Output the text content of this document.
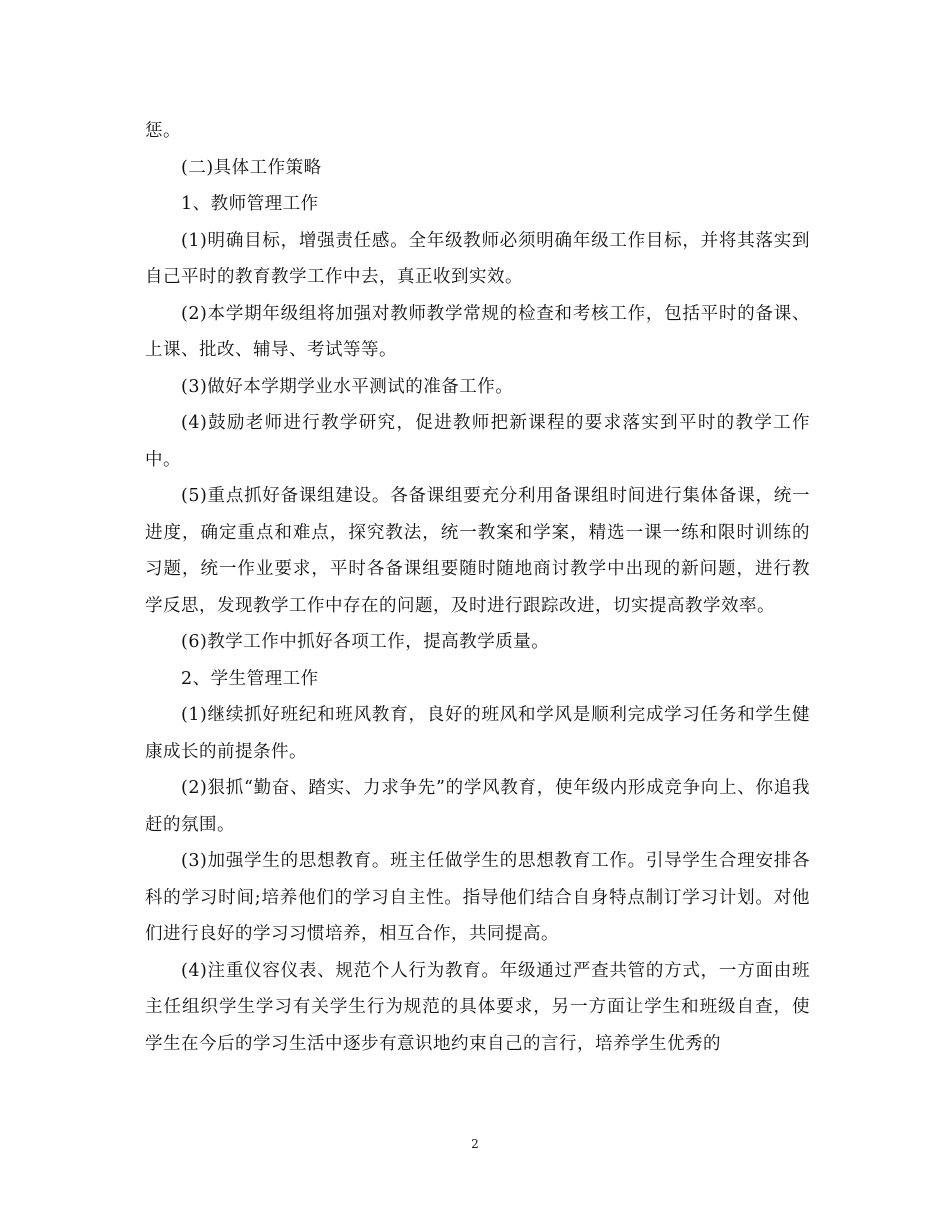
惩。

(二)具体工作策略

1、教师管理工作

(1)明确目标，增强责任感。全年级教师必须明确年级工作目标，并将其落实到自己平时的教育教学工作中去，真正收到实效。

(2)本学期年级组将加强对教师教学常规的检查和考核工作，包括平时的备课、上课、批改、辅导、考试等等。

(3)做好本学期学业水平测试的准备工作。

(4)鼓励老师进行教学研究，促进教师把新课程的要求落实到平时的教学工作中。

(5)重点抓好备课组建设。各备课组要充分利用备课组时间进行集体备课，统一进度，确定重点和难点，探究教法，统一教案和学案，精选一课一练和限时训练的习题，统一作业要求，平时各备课组要随时随地商讨教学中出现的新问题，进行教学反思，发现教学工作中存在的问题，及时进行跟踪改进，切实提高教学效率。

(6)教学工作中抓好各项工作，提高教学质量。

2、学生管理工作

(1)继续抓好班纪和班风教育，良好的班风和学风是顺利完成学习任务和学生健康成长的前提条件。

(2)狠抓“勤奋、踏实、力求争先”的学风教育，使年级内形成竞争向上、你追我赶的氛围。

(3)加强学生的思想教育。班主任做学生的思想教育工作。引导学生合理安排各科的学习时间;培养他们的学习自主性。指导他们结合自身特点制订学习计划。对他们进行良好的学习习惯培养，相互合作，共同提高。

(4)注重仪容仪表、规范个人行为教育。年级通过严查共管的方式，一方面由班主任组织学生学习有关学生行为规范的具体要求，另一方面让学生和班级自查，使学生在今后的学习生活中逐步有意识地约束自己的言行，培养学生优秀的

2
